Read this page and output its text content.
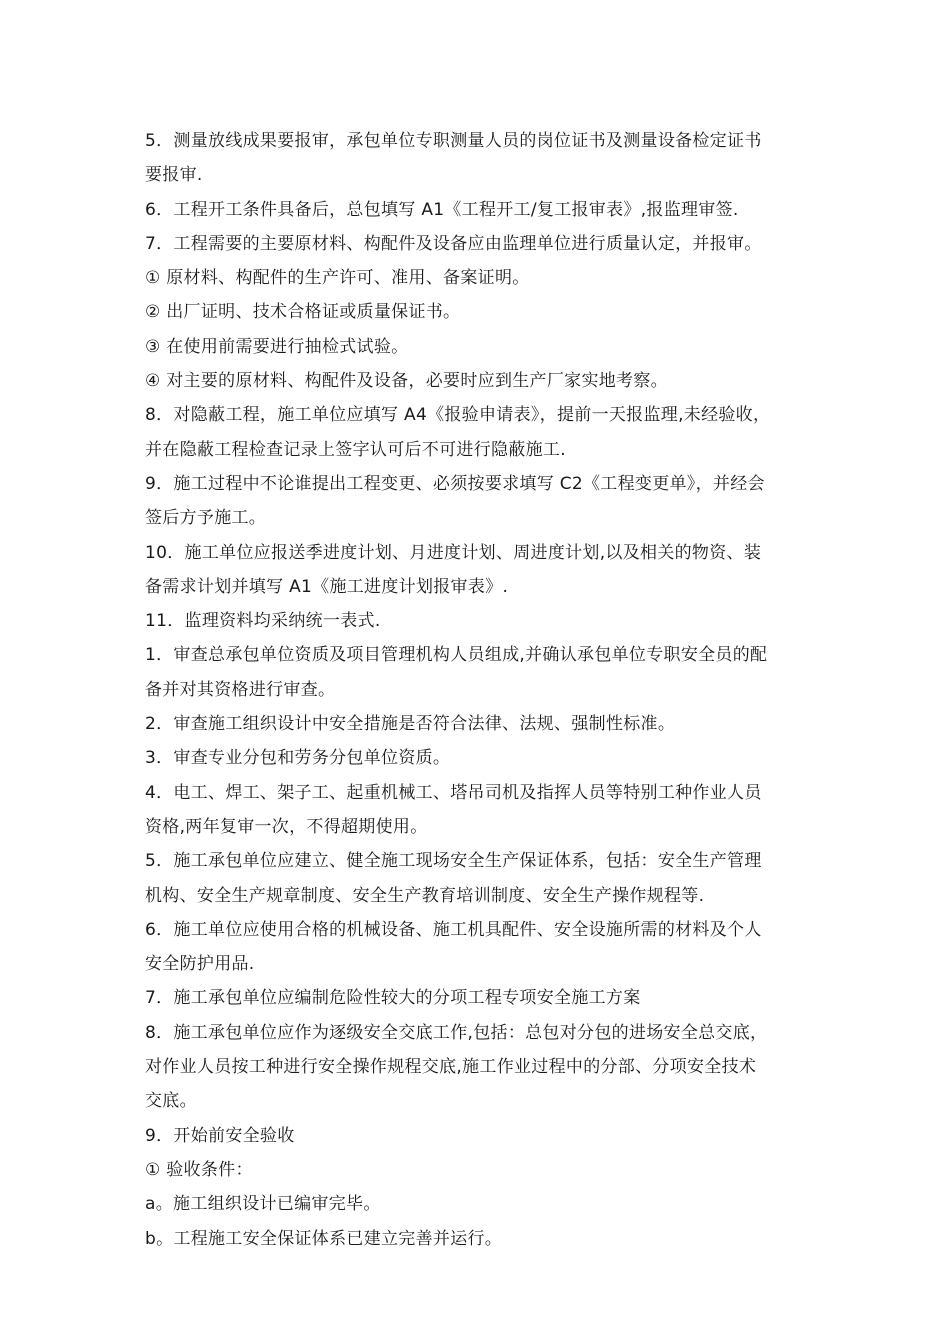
5．测量放线成果要报审，承包单位专职测量人员的岗位证书及测量设备检定证书
要报审.
6．工程开工条件具备后，总包填写 A1《工程开工/复工报审表》,报监理审签.
7．工程需要的主要原材料、构配件及设备应由监理单位进行质量认定，并报审。
① 原材料、构配件的生产许可、准用、备案证明。
② 出厂证明、技术合格证或质量保证书。
③ 在使用前需要进行抽检式试验。
④ 对主要的原材料、构配件及设备，必要时应到生产厂家实地考察。
8．对隐蔽工程，施工单位应填写 A4《报验申请表》，提前一天报监理,未经验收，
并在隐蔽工程检查记录上签字认可后不可进行隐蔽施工.
9．施工过程中不论谁提出工程变更、必须按要求填写 C2《工程变更单》，并经会
签后方予施工。
10．施工单位应报送季进度计划、月进度计划、周进度计划,以及相关的物资、装
备需求计划并填写 A1《施工进度计划报审表》.
11．监理资料均采纳统一表式.
1．审查总承包单位资质及项目管理机构人员组成,并确认承包单位专职安全员的配
备并对其资格进行审查。
2．审查施工组织设计中安全措施是否符合法律、法规、强制性标准。
3．审查专业分包和劳务分包单位资质。
4．电工、焊工、架子工、起重机械工、塔吊司机及指挥人员等特别工种作业人员
资格,两年复审一次，不得超期使用。
5．施工承包单位应建立、健全施工现场安全生产保证体系，包括：安全生产管理
机构、安全生产规章制度、安全生产教育培训制度、安全生产操作规程等.
6．施工单位应使用合格的机械设备、施工机具配件、安全设施所需的材料及个人
安全防护用品.
7．施工承包单位应编制危险性较大的分项工程专项安全施工方案
8．施工承包单位应作为逐级安全交底工作,包括：总包对分包的进场安全总交底，
对作业人员按工种进行安全操作规程交底,施工作业过程中的分部、分项安全技术
交底。
9．开始前安全验收
① 验收条件：
a。施工组织设计已编审完毕。
b。工程施工安全保证体系已建立完善并运行。
